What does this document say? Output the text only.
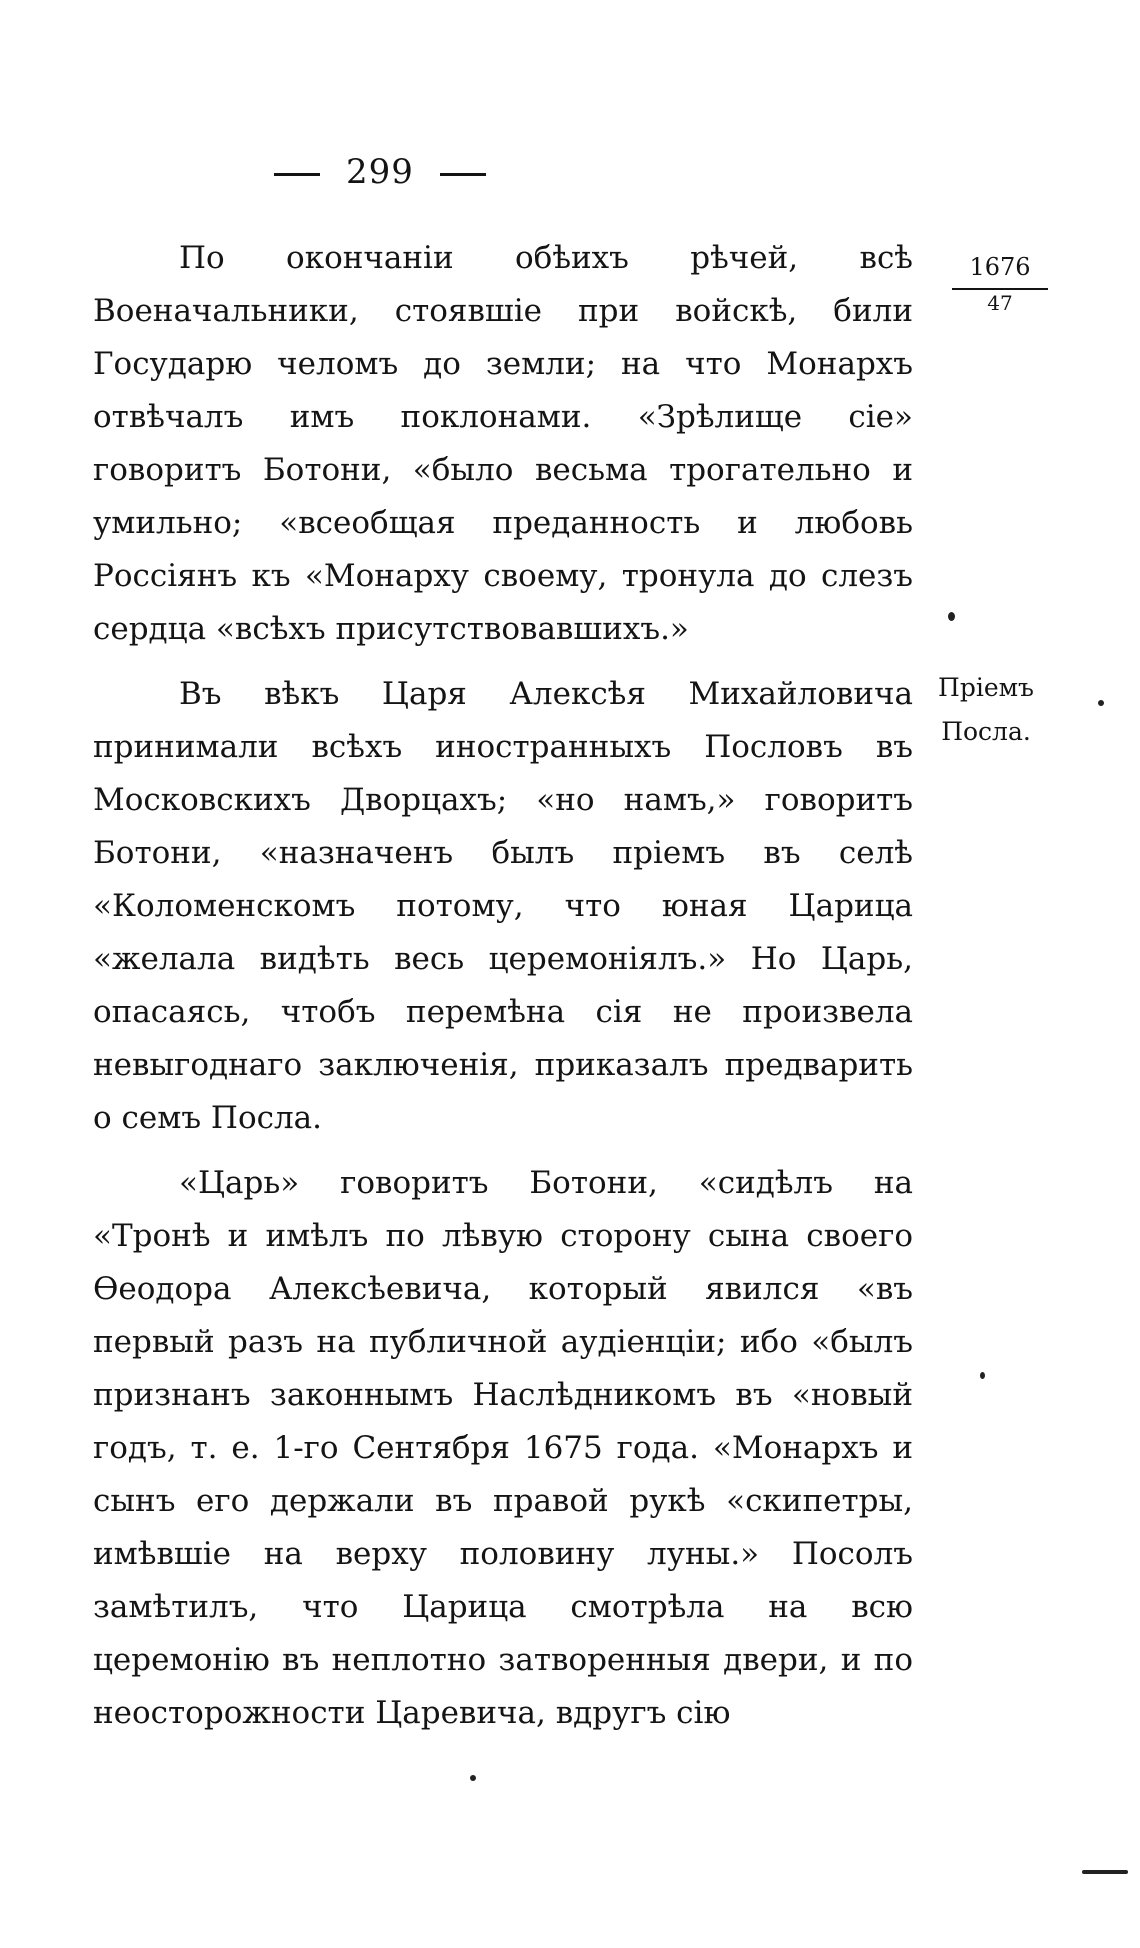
299

По окончаніи обѣихъ рѣчей, всѣ Военачальники, стоявшіе при войскѣ, били Государю челомъ до земли; на что Монархъ отвѣчалъ имъ поклонами. «Зрѣлище сіе» говоритъ Ботони, «было весьма трогательно и умильно; «всеобщая преданность и любовь Россіянъ къ «Монарху своему, тронула до слезъ сердца «всѣхъ присутствовавшихъ.»

Въ вѣкъ Царя Алексѣя Михайловича принимали всѣхъ иностранныхъ Пословъ въ Московскихъ Дворцахъ; «но намъ,» говоритъ Ботони, «назначенъ былъ пріемъ въ селѣ «Коломенскомъ потому, что юная Царица «желала видѣть весь церемоніялъ.» Но Царь, опасаясь, чтобъ перемѣна сія не произвела невыгоднаго заключенія, приказалъ предварить о семъ Посла.

«Царь» говоритъ Ботони, «сидѣлъ на «Тронѣ и имѣлъ по лѣвую сторону сына своего Ѳеодора Алексѣевича, который явился «въ первый разъ на публичной аудіенціи; ибо «былъ признанъ законнымъ Наслѣдникомъ въ «новый годъ, т. е. 1-го Сентября 1675 года. «Монархъ и сынъ его держали въ правой рукѣ «скипетры, имѣвшіе на верху половину луны.» Посолъ замѣтилъ, что Царица смотрѣла на всю церемонію въ неплотно затворенныя двери, и по неосторожности Царевича, вдругъ сію

1676
47
Пріемъ Посла.
